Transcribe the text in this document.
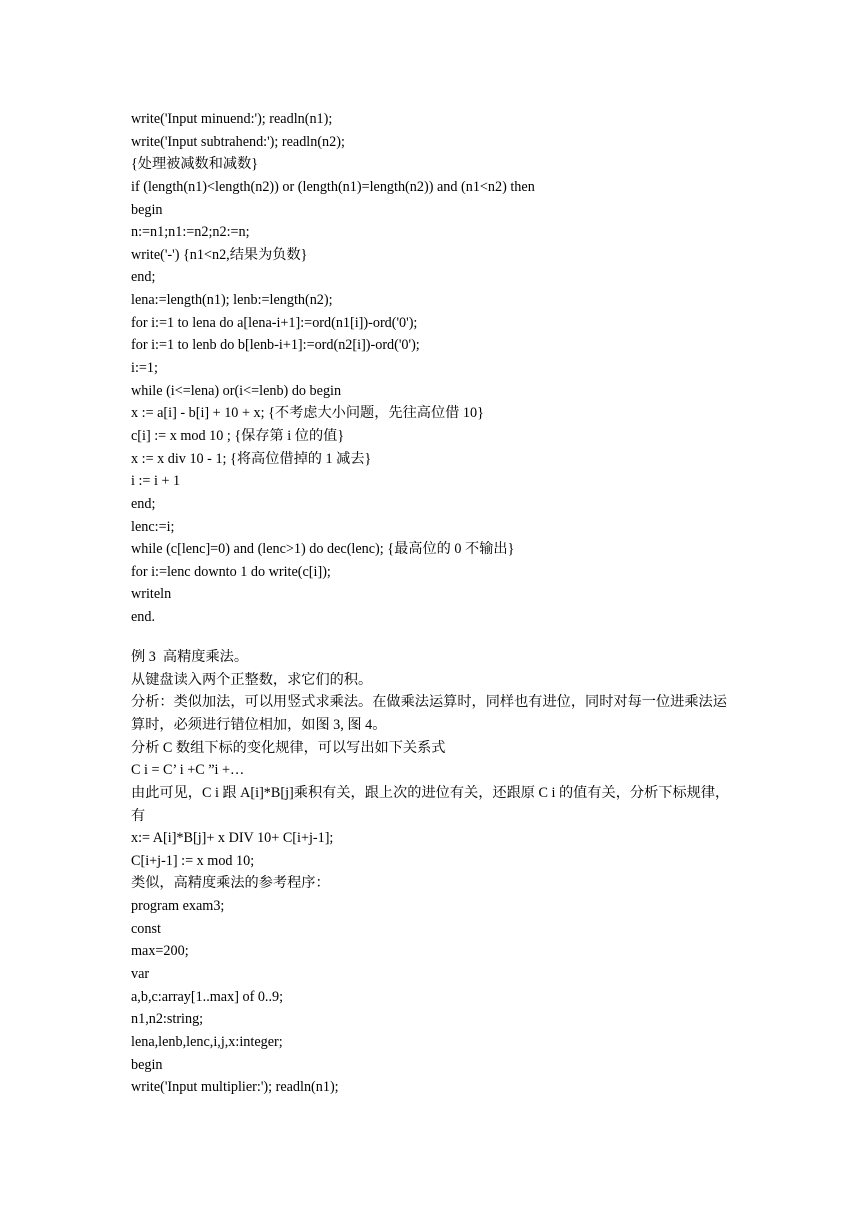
write('Input minuend:'); readln(n1);
write('Input subtrahend:'); readln(n2);
{处理被减数和减数}
if (length(n1)<length(n2)) or (length(n1)=length(n2)) and (n1<n2) then
begin
n:=n1;n1:=n2;n2:=n;
write('-') {n1<n2,结果为负数}
end;
lena:=length(n1); lenb:=length(n2);
for i:=1 to lena do a[lena-i+1]:=ord(n1[i])-ord('0');
for i:=1 to lenb do b[lenb-i+1]:=ord(n2[i])-ord('0');
i:=1;
while (i<=lena) or(i<=lenb) do begin
x := a[i] - b[i] + 10 + x; {不考虑大小问题，先往高位借 10}
c[i] := x mod 10 ; {保存第 i 位的值}
x := x div 10 - 1; {将高位借掉的 1 减去}
i := i + 1
end;
lenc:=i;
while (c[lenc]=0) and (lenc>1) do dec(lenc); {最高位的 0 不输出}
for i:=lenc downto 1 do write(c[i]);
writeln
end.
例 3  高精度乘法。
从键盘读入两个正整数，求它们的积。
分析：类似加法，可以用竖式求乘法。在做乘法运算时，同样也有进位，同时对每一位进乘法运算时，必须进行错位相加，如图 3, 图 4。
分析 C 数组下标的变化规律，可以写出如下关系式
C i = C’ i +C ”i +…
由此可见，C i 跟 A[i]*B[j]乘积有关，跟上次的进位有关，还跟原 C i 的值有关，分析下标规律，有
x:= A[i]*B[j]+ x DIV 10+ C[i+j-1];
C[i+j-1] := x mod 10;
类似，高精度乘法的参考程序：
program exam3;
const
max=200;
var
a,b,c:array[1..max] of 0..9;
n1,n2:string;
lena,lenb,lenc,i,j,x:integer;
begin
write('Input multiplier:'); readln(n1);
